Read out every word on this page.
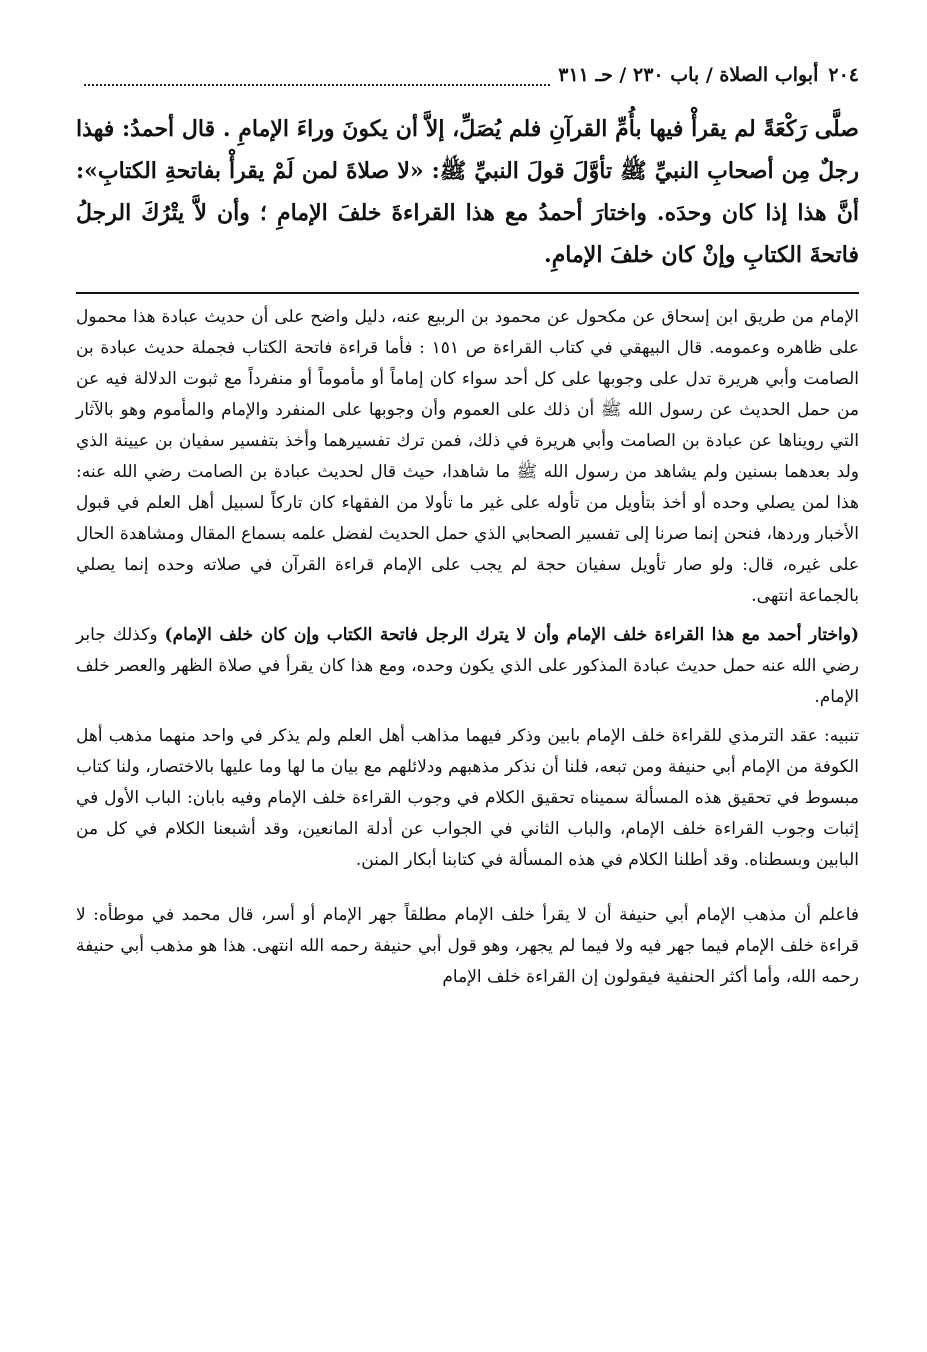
٢٠٤
أبواب الصلاة / باب ٢٣٠ / حـ ٣١١

صلَّى رَكْعَةً لم يقرأْ فيها بأُمِّ القرآنِ فلم يُصَلِّ، إلاَّ أن يكونَ وراءَ الإمامِ . قال أحمدُ: فهذا رجلٌ مِن أصحابِ النبيِّ ﷺ تأوَّلَ قولَ النبيِّ ﷺ: «لا صلاةَ لمن لَمْ يقرأْ بفاتحةِ الكتابِ»: أنَّ هذا إذا كان وحدَه. واختارَ أحمدُ مع هذا القراءةَ خلفَ الإمامِ ؛ وأن لاَّ يتْرُكَ الرجلُ فاتحةَ الكتابِ وإنْ كان خلفَ الإمامِ.

الإمام من طريق ابن إسحاق عن مكحول عن محمود بن الربيع عنه، دليل واضح على أن حديث عبادة هذا محمول على ظاهره وعمومه. قال البيهقي في كتاب القراءة ص ١٥١ : فأما قراءة فاتحة الكتاب فجملة حديث عبادة بن الصامت وأبي هريرة تدل على وجوبها على كل أحد سواء كان إماماً أو مأموماً أو منفرداً مع ثبوت الدلالة فيه عن من حمل الحديث عن رسول الله ﷺ أن ذلك على العموم وأن وجوبها على المنفرد والإمام والمأموم وهو بالآثار التي رويناها عن عبادة بن الصامت وأبي هريرة في ذلك، فمن ترك تفسيرهما وأخذ بتفسير سفيان بن عيينة الذي ولد بعدهما بسنين ولم يشاهد من رسول الله ﷺ ما شاهدا، حيث قال لحديث عبادة بن الصامت رضي الله عنه: هذا لمن يصلي وحده أو أخذ بتأويل من تأوله على غير ما تأولا من الفقهاء كان تاركاً لسبيل أهل العلم في قبول الأخبار وردها، فنحن إنما صرنا إلى تفسير الصحابي الذي حمل الحديث لفضل علمه بسماع المقال ومشاهدة الحال على غيره، قال: ولو صار تأويل سفيان حجة لم يجب على الإمام قراءة القرآن في صلاته وحده إنما يصلي بالجماعة انتهى.

(واختار أحمد مع هذا القراءة خلف الإمام وأن لا يترك الرجل فاتحة الكتاب وإن كان خلف الإمام) وكذلك جابر رضي الله عنه حمل حديث عبادة المذكور على الذي يكون وحده، ومع هذا كان يقرأ في صلاة الظهر والعصر خلف الإمام.

تنبيه: عقد الترمذي للقراءة خلف الإمام بابين وذكر فيهما مذاهب أهل العلم ولم يذكر في واحد منهما مذهب أهل الكوفة من الإمام أبي حنيفة ومن تبعه، فلنا أن نذكر مذهبهم ودلائلهم مع بيان ما لها وما عليها بالاختصار، ولنا كتاب مبسوط في تحقيق هذه المسألة سميناه تحقيق الكلام في وجوب القراءة خلف الإمام وفيه بابان: الباب الأول في إثبات وجوب القراءة خلف الإمام، والباب الثاني في الجواب عن أدلة المانعين، وقد أشبعنا الكلام في كل من البابين وبسطناه. وقد أطلنا الكلام في هذه المسألة في كتابنا أبكار المنن.

فاعلم أن مذهب الإمام أبي حنيفة أن لا يقرأ خلف الإمام مطلقاً جهر الإمام أو أسر، قال محمد في موطأه: لا قراءة خلف الإمام فيما جهر فيه ولا فيما لم يجهر، وهو قول أبي حنيفة رحمه الله انتهى. هذا هو مذهب أبي حنيفة رحمه الله، وأما أكثر الحنفية فيقولون إن القراءة خلف الإمام
